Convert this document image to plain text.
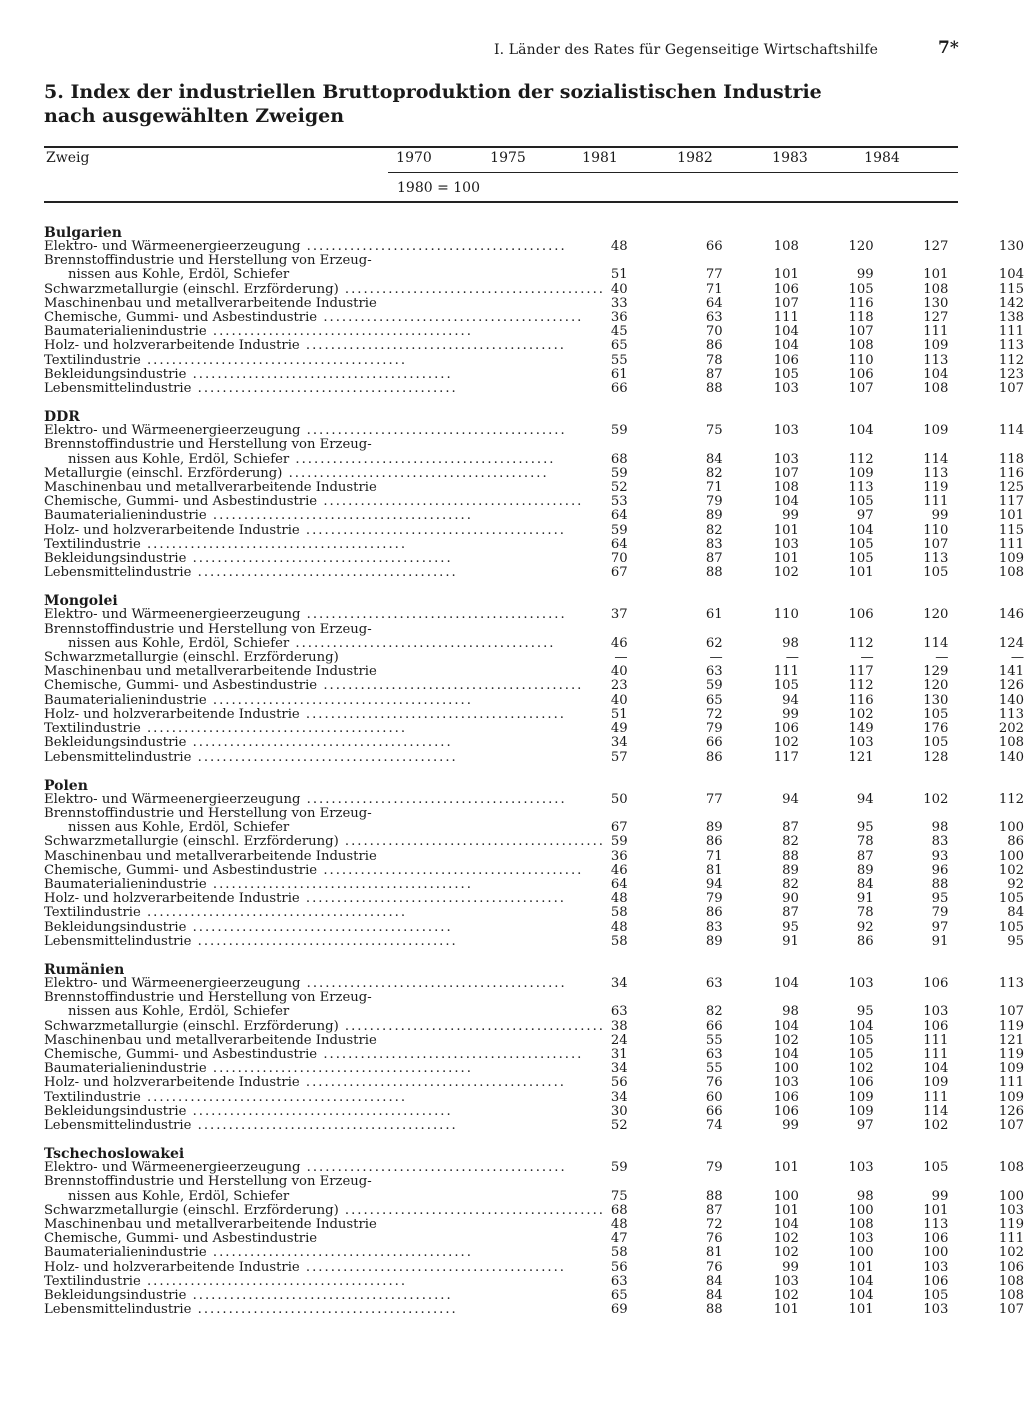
I. Länder des Rates für Gegenseitige Wirtschaftshilfe	7*
5. Index der industriellen Bruttoproduktion der sozialistischen Industrie
nach ausgewählten Zweigen
Zweig	1970	1975	1981	1982	1983	1984
1980 = 100
Bulgarien						
Elektro- und Wärmeenergieerzeugung ..........................................	48	66	108	120	127	130
Brennstoffindustrie und Herstellung von Erzeug-						
nissen aus Kohle, Erdöl, Schiefer	51	77	101	99	101	104
Schwarzmetallurgie (einschl. Erzförderung) ..........................................	40	71	106	105	108	115
Maschinenbau und metallverarbeitende Industrie	33	64	107	116	130	142
Chemische, Gummi- und Asbestindustrie ..........................................	36	63	111	118	127	138
Baumaterialienindustrie ..........................................	45	70	104	107	111	111
Holz- und holzverarbeitende Industrie ..........................................	65	86	104	108	109	113
Textilindustrie ..........................................	55	78	106	110	113	112
Bekleidungsindustrie ..........................................	61	87	105	106	104	123
Lebensmittelindustrie ..........................................	66	88	103	107	108	107
DDR						
Elektro- und Wärmeenergieerzeugung ..........................................	59	75	103	104	109	114
Brennstoffindustrie und Herstellung von Erzeug-						
nissen aus Kohle, Erdöl, Schiefer ..........................................	68	84	103	112	114	118
Metallurgie (einschl. Erzförderung) ..........................................	59	82	107	109	113	116
Maschinenbau und metallverarbeitende Industrie	52	71	108	113	119	125
Chemische, Gummi- und Asbestindustrie ..........................................	53	79	104	105	111	117
Baumaterialienindustrie ..........................................	64	89	99	97	99	101
Holz- und holzverarbeitende Industrie ..........................................	59	82	101	104	110	115
Textilindustrie ..........................................	64	83	103	105	107	111
Bekleidungsindustrie ..........................................	70	87	101	105	113	109
Lebensmittelindustrie ..........................................	67	88	102	101	105	108
Mongolei						
Elektro- und Wärmeenergieerzeugung ..........................................	37	61	110	106	120	146
Brennstoffindustrie und Herstellung von Erzeug-						
nissen aus Kohle, Erdöl, Schiefer ..........................................	46	62	98	112	114	124
Schwarzmetallurgie (einschl. Erzförderung)	—	—	—	—	—	—
Maschinenbau und metallverarbeitende Industrie	40	63	111	117	129	141
Chemische, Gummi- und Asbestindustrie ..........................................	23	59	105	112	120	126
Baumaterialienindustrie ..........................................	40	65	94	116	130	140
Holz- und holzverarbeitende Industrie ..........................................	51	72	99	102	105	113
Textilindustrie ..........................................	49	79	106	149	176	202
Bekleidungsindustrie ..........................................	34	66	102	103	105	108
Lebensmittelindustrie ..........................................	57	86	117	121	128	140
Polen						
Elektro- und Wärmeenergieerzeugung ..........................................	50	77	94	94	102	112
Brennstoffindustrie und Herstellung von Erzeug-						
nissen aus Kohle, Erdöl, Schiefer	67	89	87	95	98	100
Schwarzmetallurgie (einschl. Erzförderung) ..........................................	59	86	82	78	83	86
Maschinenbau und metallverarbeitende Industrie	36	71	88	87	93	100
Chemische, Gummi- und Asbestindustrie ..........................................	46	81	89	89	96	102
Baumaterialienindustrie ..........................................	64	94	82	84	88	92
Holz- und holzverarbeitende Industrie ..........................................	48	79	90	91	95	105
Textilindustrie ..........................................	58	86	87	78	79	84
Bekleidungsindustrie ..........................................	48	83	95	92	97	105
Lebensmittelindustrie ..........................................	58	89	91	86	91	95
Rumänien						
Elektro- und Wärmeenergieerzeugung ..........................................	34	63	104	103	106	113
Brennstoffindustrie und Herstellung von Erzeug-						
nissen aus Kohle, Erdöl, Schiefer	63	82	98	95	103	107
Schwarzmetallurgie (einschl. Erzförderung) ..........................................	38	66	104	104	106	119
Maschinenbau und metallverarbeitende Industrie	24	55	102	105	111	121
Chemische, Gummi- und Asbestindustrie ..........................................	31	63	104	105	111	119
Baumaterialienindustrie ..........................................	34	55	100	102	104	109
Holz- und holzverarbeitende Industrie ..........................................	56	76	103	106	109	111
Textilindustrie ..........................................	34	60	106	109	111	109
Bekleidungsindustrie ..........................................	30	66	106	109	114	126
Lebensmittelindustrie ..........................................	52	74	99	97	102	107
Tschechoslowakei						
Elektro- und Wärmeenergieerzeugung ..........................................	59	79	101	103	105	108
Brennstoffindustrie und Herstellung von Erzeug-						
nissen aus Kohle, Erdöl, Schiefer	75	88	100	98	99	100
Schwarzmetallurgie (einschl. Erzförderung) ..........................................	68	87	101	100	101	103
Maschinenbau und metallverarbeitende Industrie	48	72	104	108	113	119
Chemische, Gummi- und Asbestindustrie	47	76	102	103	106	111
Baumaterialienindustrie ..........................................	58	81	102	100	100	102
Holz- und holzverarbeitende Industrie ..........................................	56	76	99	101	103	106
Textilindustrie ..........................................	63	84	103	104	106	108
Bekleidungsindustrie ..........................................	65	84	102	104	105	108
Lebensmittelindustrie ..........................................	69	88	101	101	103	107
